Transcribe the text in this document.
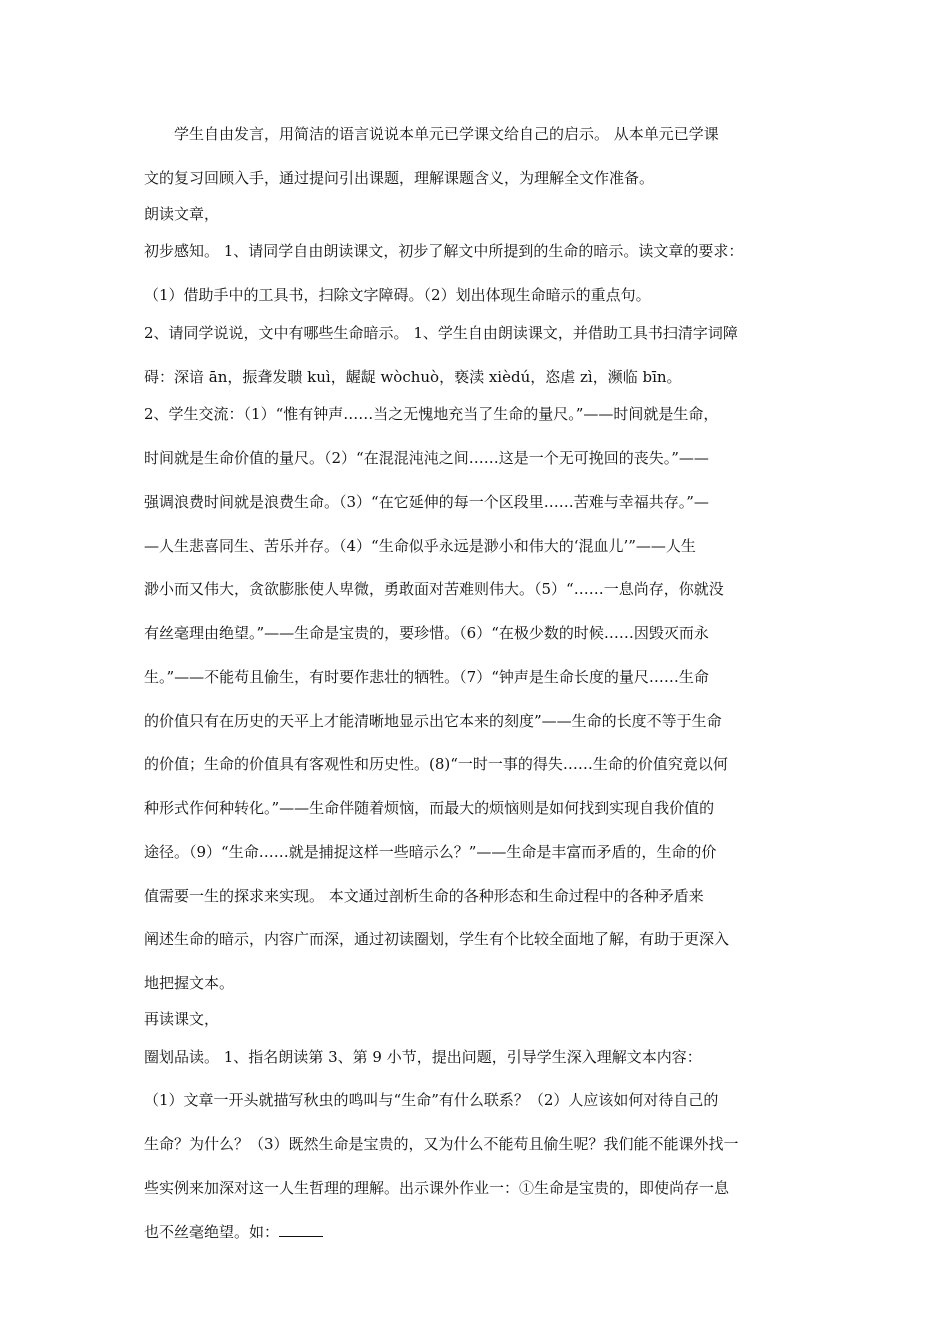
学生自由发言，用简洁的语言说说本单元已学课文给自己的启示。 从本单元已学课
文的复习回顾入手，通过提问引出课题，理解课题含义，为理解全文作准备。
朗读文章，
初步感知。 1、请同学自由朗读课文，初步了解文中所提到的生命的暗示。读文章的要求：
（1）借助手中的工具书，扫除文字障碍。（2）划出体现生命暗示的重点句。
2、请同学说说，文中有哪些生命暗示。 1、学生自由朗读课文，并借助工具书扫清字词障
碍：深谙 ān，振聋发聩 kuì，龌龊 wòchuò，亵渎 xièdú，恣虐 zì，濒临 bīn。
2、学生交流：（1）“惟有钟声……当之无愧地充当了生命的量尺。”——时间就是生命，
时间就是生命价值的量尺。（2）“在混混沌沌之间……这是一个无可挽回的丧失。”——
强调浪费时间就是浪费生命。（3）“在它延伸的每一个区段里……苦难与幸福共存。”—
—人生悲喜同生、苦乐并存。（4）“生命似乎永远是渺小和伟大的‘混血儿’”——人生
渺小而又伟大，贪欲膨胀使人卑微，勇敢面对苦难则伟大。（5）“……一息尚存，你就没
有丝毫理由绝望。”——生命是宝贵的，要珍惜。（6）“在极少数的时候……因毁灭而永
生。”——不能苟且偷生，有时要作悲壮的牺牲。（7）“钟声是生命长度的量尺……生命
的价值只有在历史的天平上才能清晰地显示出它本来的刻度”——生命的长度不等于生命
的价值；生命的价值具有客观性和历史性。(8)“一时一事的得失……生命的价值究竟以何
种形式作何种转化。”——生命伴随着烦恼，而最大的烦恼则是如何找到实现自我价值的
途径。（9）“生命……就是捕捉这样一些暗示么？”——生命是丰富而矛盾的，生命的价
值需要一生的探求来实现。 本文通过剖析生命的各种形态和生命过程中的各种矛盾来
阐述生命的暗示，内容广而深，通过初读圈划，学生有个比较全面地了解，有助于更深入
地把握文本。
再读课文，
圈划品读。 1、指名朗读第 3、第 9 小节，提出问题，引导学生深入理解文本内容：
（1）文章一开头就描写秋虫的鸣叫与“生命”有什么联系？（2）人应该如何对待自己的
生命？为什么？（3）既然生命是宝贵的，又为什么不能苟且偷生呢？我们能不能课外找一
些实例来加深对这一人生哲理的理解。出示课外作业一：①生命是宝贵的，即使尚存一息
也不丝毫绝望。如：
